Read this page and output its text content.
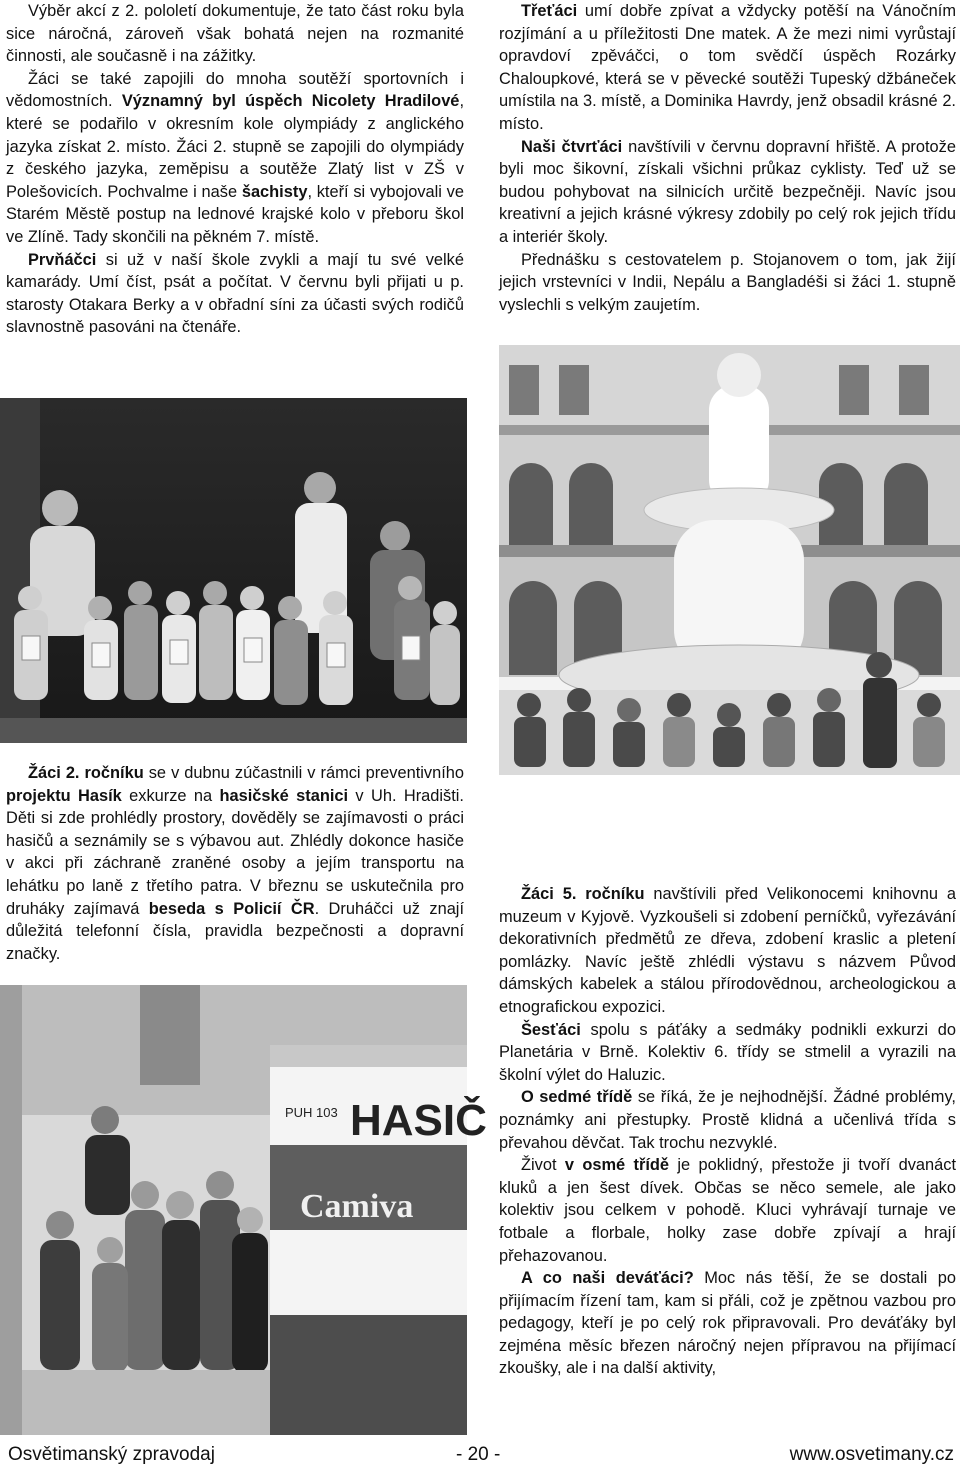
Výběr akcí z 2. pololetí dokumentuje, že tato část roku byla sice náročná, zároveň však bohatá nejen na rozmanité činnosti, ale současně i na zážitky.

Žáci se také zapojili do mnoha soutěží sportovních i vědomostních. Významný byl úspěch Nicolety Hradilové, které se podařilo v okresním kole olympiády z anglického jazyka získat 2. místo. Žáci 2. stupně se zapojili do olympiády z českého jazyka, zeměpisu a soutěže Zlatý list v ZŠ v Polešovicích. Pochvalme i naše šachisty, kteří si vybojovali ve Starém Městě postup na lednové krajské kolo v přeboru škol ve Zlíně. Tady skončili na pěkném 7. místě.

Prvňáčci si už v naší škole zvykli a mají tu své velké kamarády. Umí číst, psát a počítat. V červnu byli přijati u p. starosty Otakara Berky a v obřadní síni za účasti svých rodičů slavnostně pasováni na čtenáře.

Třeťáci umí dobře zpívat a vždycky potěší na Vánočním rozjímání a u příležitosti Dne matek. A že mezi nimi vyrůstají opravdoví zpěváčci, o tom svědčí úspěch Rozárky Chaloupkové, která se v pěvecké soutěži Tupeský džbáneček umístila na 3. místě, a Dominika Havrdy, jenž obsadil krásné 2. místo.

Naši čtvrťáci navštívili v červnu dopravní hřiště. A protože byli moc šikovní, získali všichni průkaz cyklisty. Teď už se budou pohybovat na silnicích určitě bezpečněji. Navíc jsou kreativní a jejich krásné výkresy zdobily po celý rok jejich třídu a interiér školy.

Přednášku s cestovatelem p. Stojanovem o tom, jak žijí jejich vrstevníci v Indii, Nepálu a Bangladéši si žáci 1. stupně vyslechli s velkým zaujetím.

Žáci 2. ročníku se v dubnu zúčastnili v rámci preventivního projektu Hasík exkurze na hasičské stanici v Uh. Hradišti. Děti si zde prohlédly prostory, dověděly se zajímavosti o práci hasičů a seznámily se s výbavou aut. Zhlédly dokonce hasiče v akci při záchraně zraněné osoby a jejím transportu na lehátku po laně z třetího patra. V březnu se uskutečnila pro druháky zajímavá beseda s Policií ČR. Druháčci už znají důležitá telefonní čísla, pravidla bezpečnosti a dopravní značky.

PUH 103 HASIČ
Camiva

Žáci 5. ročníku navštívili před Velikonocemi knihovnu a muzeum v Kyjově. Vyzkoušeli si zdobení perníčků, vyřezávání dekorativních předmětů ze dřeva, zdobení kraslic a pletení pomlázky. Navíc ještě zhlédli výstavu s názvem Původ dámských kabelek a stálou přírodovědnou, archeologickou a etnografickou expozici.

Šesťáci spolu s páťáky a sedmáky podnikli exkurzi do Planetária v Brně. Kolektiv 6. třídy se stmelil a vyrazili na školní výlet do Haluzic.

O sedmé třídě se říká, že je nejhodnější. Žádné problémy, poznámky ani přestupky. Prostě klidná a učenlivá třída s převahou děvčat. Tak trochu nezvyklé.

Život v osmé třídě je poklidný, přestože ji tvoří dvanáct kluků a jen šest dívek. Občas se něco semele, ale jako kolektiv jsou celkem v pohodě. Kluci vyhrávají turnaje ve fotbale a florbale, holky zase dobře zpívají a hrají přehazovanou.

A co naši deváťáci? Moc nás těší, že se dostali po přijímacím řízení tam, kam si přáli, což je zpětnou vazbou pro pedagogy, kteří je po celý rok připravovali. Pro deváťáky byl zejména měsíc březen náročný nejen přípravou na přijímací zkoušky, ale i na další aktivity,

Osvětimanský zpravodaj	- 20 -	www.osvetimany.cz
